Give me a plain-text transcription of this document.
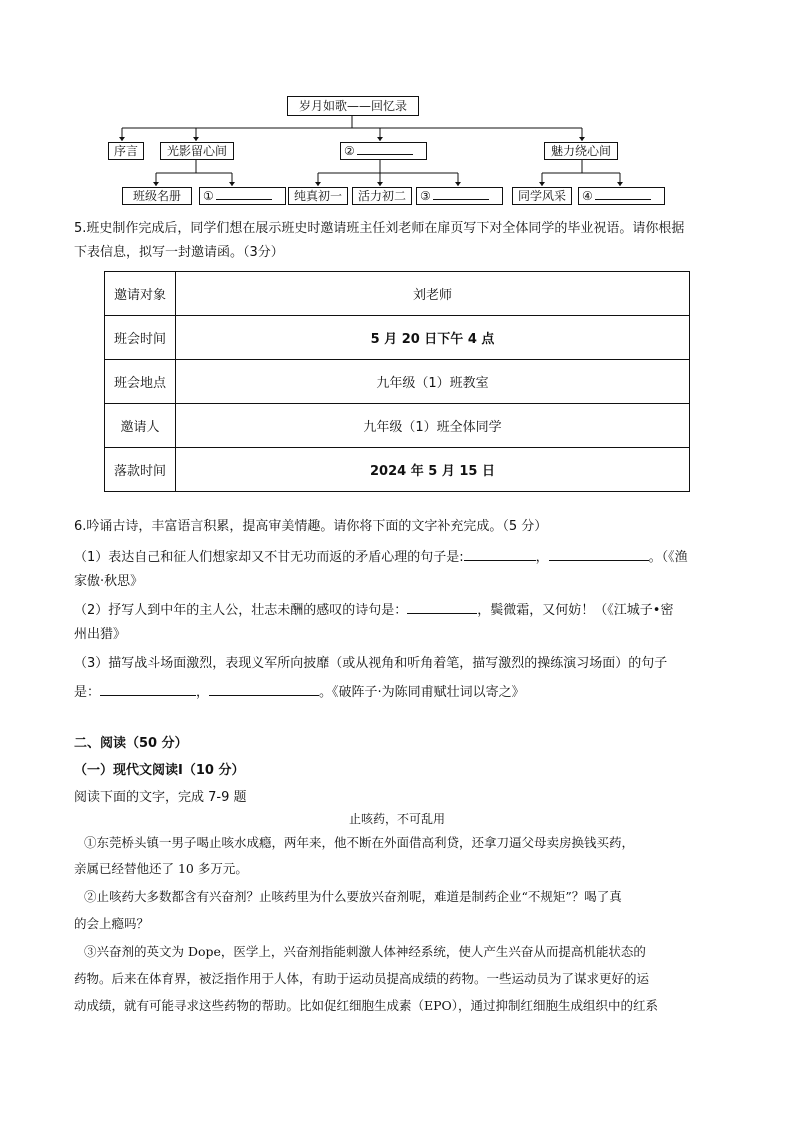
岁月如歌——回忆录
序言	光影留心间	②	魅力绕心间
班级名册	①	纯真初一	活力初二	③	同学风采	④
5.班史制作完成后，同学们想在展示班史时邀请班主任刘老师在扉页写下对全体同学的毕业祝语。请你根据
下表信息，拟写一封邀请函。（3分）
邀请对象	刘老师
班会时间	5 月 20 日下午 4 点
班会地点	九年级（1）班教室
邀请人	九年级（1）班全体同学
落款时间	2024 年 5 月 15 日
6.吟诵古诗，丰富语言积累，提高审美情趣。请你将下面的文字补充完成。（5 分）
（1）表达自己和征人们想家却又不甘无功而返的矛盾心理的句子是:	，	。（《渔
家傲·秋思》
（2）抒写人到中年的主人公，壮志未酬的感叹的诗句是：	，鬓微霜，又何妨！（《江城子•密
州出猎》
（3）描写战斗场面激烈，表现义军所向披靡（或从视角和听角着笔，描写激烈的操练演习场面）的句子
是：	，	。《破阵子·为陈同甫赋壮词以寄之》
二、阅读（50 分）
（一）现代文阅读Ⅰ（10 分）
阅读下面的文字，完成 7-9 题
止咳药，不可乱用
①东莞桥头镇一男子喝止咳水成瘾，两年来，他不断在外面借高利贷，还拿刀逼父母卖房换钱买药，
亲属已经替他还了 10 多万元。
②止咳药大多数都含有兴奋剂？止咳药里为什么要放兴奋剂呢，难道是制药企业“不规矩”？喝了真
的会上瘾吗？
③兴奋剂的英文为 Dope，医学上，兴奋剂指能刺激人体神经系统，使人产生兴奋从而提高机能状态的
药物。后来在体育界，被泛指作用于人体，有助于运动员提高成绩的药物。一些运动员为了谋求更好的运
动成绩，就有可能寻求这些药物的帮助。比如促红细胞生成素（EPO），通过抑制红细胞生成组织中的红系
